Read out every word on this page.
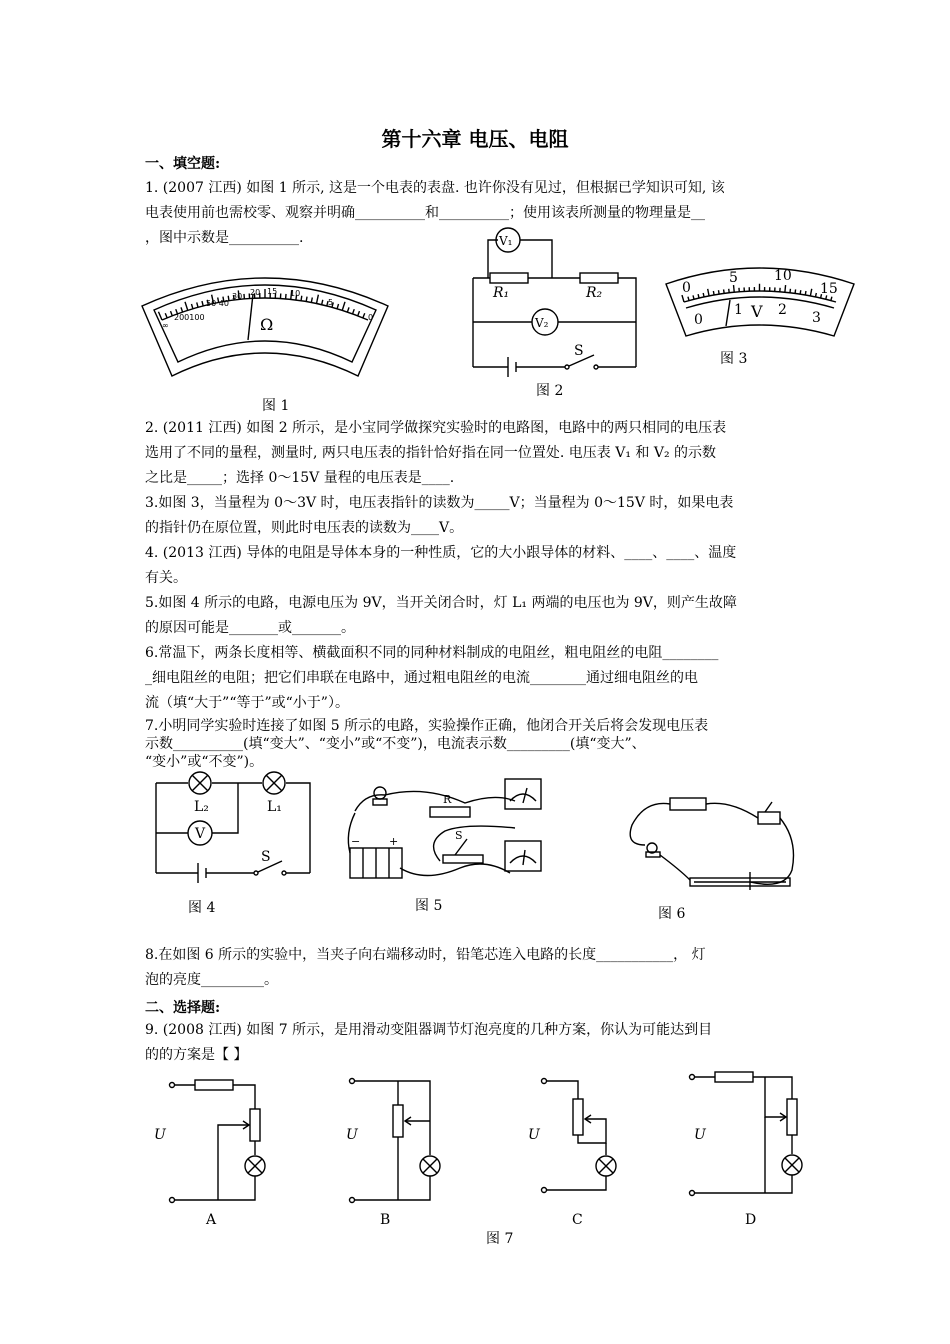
第十六章 电压、电阻
一、填空题:
1. (2007 江西) 如图 1 所示, 这是一个电表的表盘. 也许你没有见过，但根据已学知识可知, 该
电表使用前也需校零、观察并明确__________和__________；使用该表所测量的物理量是__
，图中示数是__________.
∞
200100
50 40
30 20 15 10
5
0
Ω
图 1
V₁
R₁	R₂
V₂
S
图 2
0
5	10
15
0
1	2 3
V
图 3
2. (2011 江西) 如图 2 所示，是小宝同学做探究实验时的电路图，电路中的两只相同的电压表
选用了不同的量程，测量时, 两只电压表的指针恰好指在同一位置处. 电压表 V₁ 和 V₂ 的示数
之比是_____；选择 0～15V 量程的电压表是____.
3.如图 3，当量程为 0～3V 时，电压表指针的读数为_____V；当量程为 0～15V 时，如果电表
的指针仍在原位置，则此时电压表的读数为____V。
4. (2013 江西) 导体的电阻是导体本身的一种性质，它的大小跟导体的材料、____、____、温度
有关。
5.如图 4 所示的电路，电源电压为 9V，当开关闭合时，灯 L₁ 两端的电压也为 9V，则产生故障
的原因可能是_______或_______。
6.常温下，两条长度相等、横截面积不同的同种材料制成的电阻丝，粗电阻丝的电阻________
_细电阻丝的电阻；把它们串联在电路中，通过粗电阻丝的电流________通过细电阻丝的电
流（填“大于”“等于”或“小于”）。
7.小明同学实验时连接了如图 5 所示的电路，实验操作正确，他闭合开关后将会发现电压表
示数__________(填“变大”、“变小”或“不变”)，电流表示数_________(填“变大”、
“变小”或“不变”)。
L₂	L₁
V
S
图 4
R
−	+	S
图 5	图 6
8.在如图 6 所示的实验中，当夹子向右端移动时，铅笔芯连入电路的长度___________， 灯
泡的亮度_________。
二、选择题:
9. (2008 江西) 如图 7 所示，是用滑动变阻器调节灯泡亮度的几种方案，你认为可能达到目
的的方案是【 】
U
A
U
B
U
C
U
D
图 7
